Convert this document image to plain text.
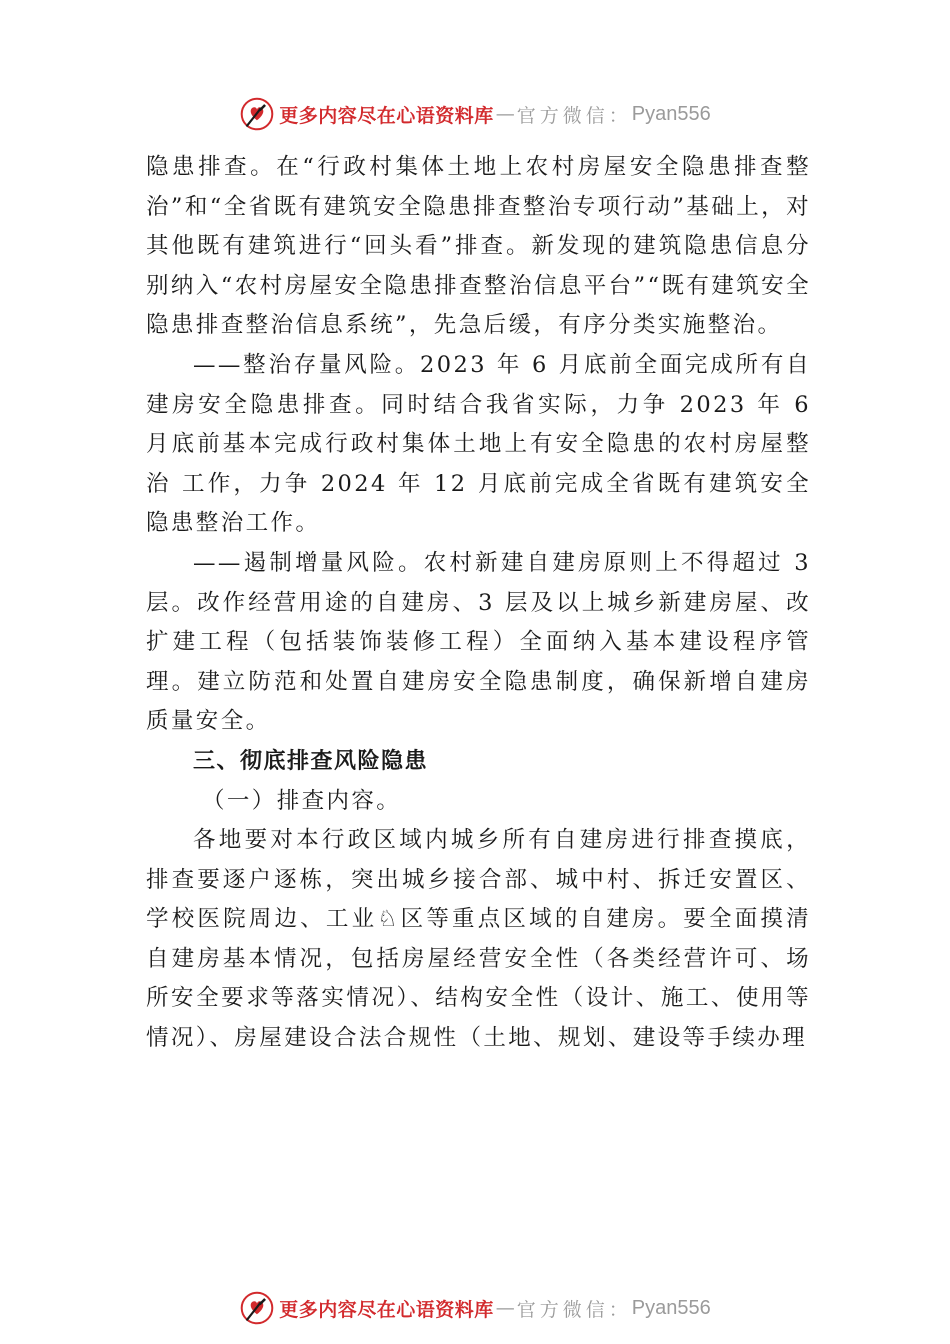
更多内容尽在心语资料库 — 官方微信： Pyan556

隐患排查。在“行政村集体土地上农村房屋安全隐患排查整治”和“全省既有建筑安全隐患排查整治专项行动”基础上，对其他既有建筑进行“回头看”排查。新发现的建筑隐患信息分别纳入“农村房屋安全隐患排查整治信息平台”“既有建筑安全隐患排查整治信息系统”，先急后缓，有序分类实施整治。

——整治存量风险。2023 年 6 月底前全面完成所有自建房安全隐患排查。同时结合我省实际，力争 2023 年 6 月底前基本完成行政村集体土地上有安全隐患的农村房屋整治 工作，力争 2024 年 12 月底前完成全省既有建筑安全隐患整治工作。

——遏制增量风险。农村新建自建房原则上不得超过 3 层。改作经营用途的自建房、3 层及以上城乡新建房屋、改扩建工程（包括装饰装修工程）全面纳入基本建设程序管理。建立防范和处置自建房安全隐患制度，确保新增自建房质量安全。

三、彻底排查风险隐患

（一）排查内容。

各地要对本行政区域内城乡所有自建房进行排查摸底，排查要逐户逐栋，突出城乡接合部、城中村、拆迁安置区、 学校医院周边、工业♘区等重点区域的自建房。要全面摸清自建房基本情况，包括房屋经营安全性（各类经营许可、场所安全要求等落实情况）、结构安全性（设计、施工、使用等情况）、房屋建设合法合规性（土地、规划、建设等手续办理

更多内容尽在心语资料库 — 官方微信： Pyan556
